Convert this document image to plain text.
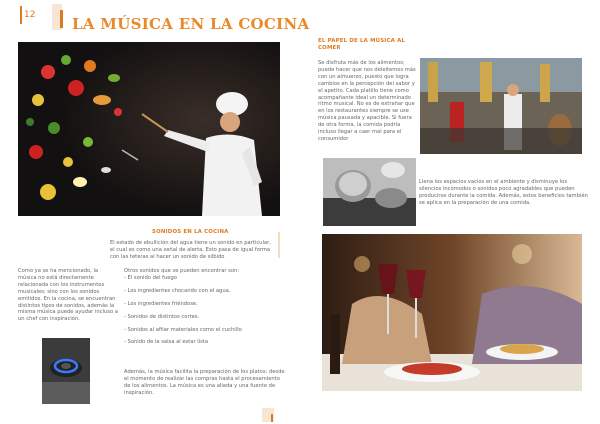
12 LA MÚSICA EN LA COCINA
SONIDOS EN LA COCINA
El estado de ebullición del agua tiene un sonido en particular, el cual es como una señal de alerta. Esto pasa de igual forma con las teteras al hacer un sonido de silbido
Como ya se ha mencionado, la música no está directamente relacionada con los instrumentos musicales; sino con los sonidos emitidos. En la cocina, se encuentran distintos tipos de sonidos, además la misma música puede ayudar incluso a un chef con inspiración.
Otros sonidos que se pueden encontrar son:
- El sonido del fuego
- Los ingredientes chocando con el agua.
- Los ingredientes friéndose.
- Sonidos de distintos cortes.
- Sonidos al afilar materiales como el cuchillo
- Sonido de la salsa al estar lista
Además, la música facilita la preparación de los platos: desde el momento de realizar las compras hasta el procesamiento de los alimentos. La música es una aliada y una fuente de inspiración.
EL PAPEL DE LA MÚSICA AL COMER
Se disfruta más de los alimentos; puede hacer que nos deleitemos más con un almuerzo, puesto que logra cambios en la percepción del sabor y el apetito. Cada platillo tiene como acompañante ideal un determinado ritmo musical. No es de extrañar que en los restaurantes siempre se use música pausada y apacible. Si fuera de otra forma, la comida podría incluso llegar a caer mal para el consumidor
Llena los espacios vacíos en el ambiente y disminuye los silencios incómodos o sonidos poco agradables que pueden producirse durante la comida. Además, estos beneficios también se aplica en la preparación de una comida.
